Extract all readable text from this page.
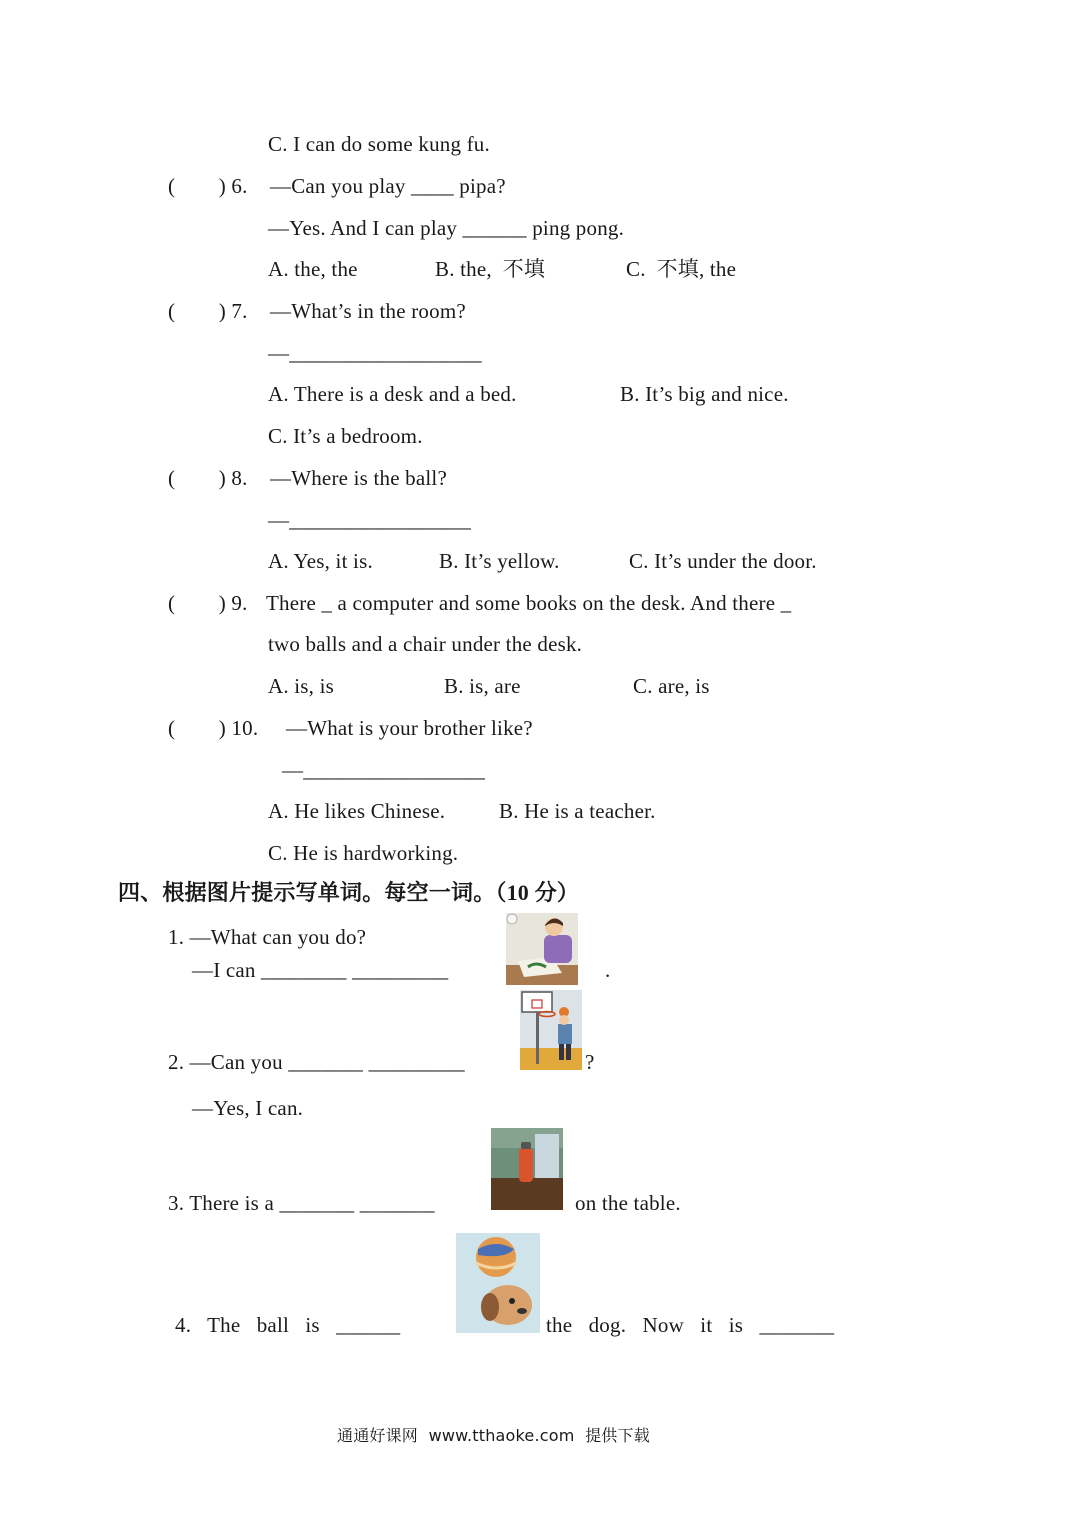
C. I can do some kung fu.
(        ) 6. —Can you play ____ pipa?
—Yes. And I can play ______ ping pong.
A. the, the	B. the,  不填	C.  不填, the
(        ) 7. —What’s in the room?
—__________________
A. There is a desk and a bed.	B. It’s big and nice.
C. It’s a bedroom.
(        ) 8. —Where is the ball?
—_________________
A. Yes, it is.	B. It’s yellow.	C. It’s under the door.
(        ) 9. There _ a computer and some books on the desk. And there _
two balls and a chair under the desk.
A. is, is	B. is, are	C. are, is
(        ) 10. —What is your brother like?
—_________________
A. He likes Chinese.	B. He is a teacher.
C. He is hardworking.
四、根据图片提示写单词。每空一词。（10 分）
1. —What can you do?
—I can ________ _________	.
2. —Can you _______ _________	?
—Yes, I can.
3. There is a _______ _______	on the table.
4.   The   ball   is   ______	the   dog.   Now   it   is   _______
通通好课网  www.tthaoke.com  提供下载
